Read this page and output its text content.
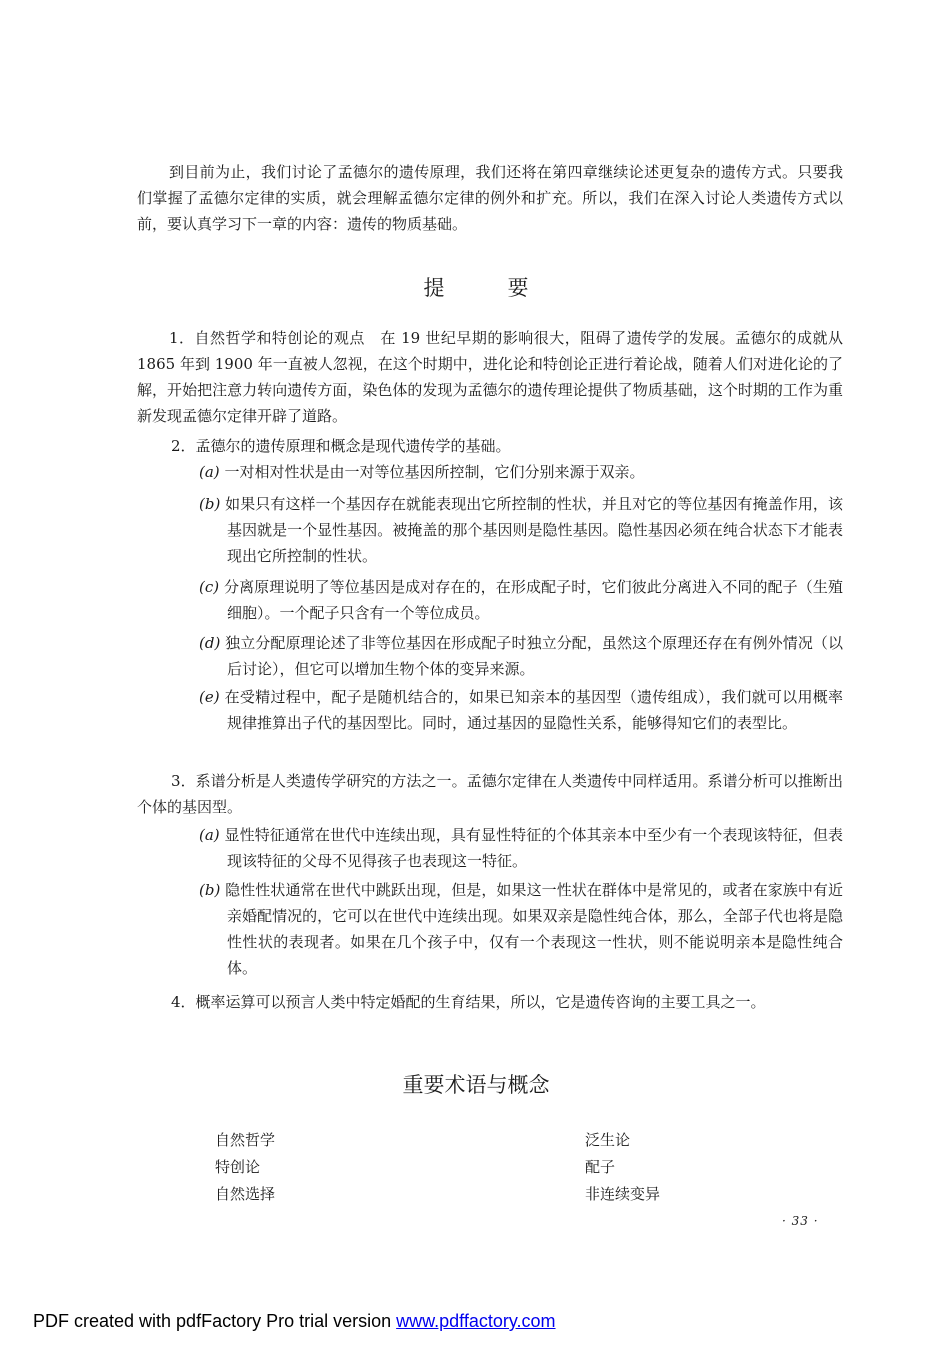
到目前为止，我们讨论了孟德尔的遗传原理，我们还将在第四章继续论述更复杂的遗传方式。只要我们掌握了孟德尔定律的实质，就会理解孟德尔定律的例外和扩充。所以，我们在深入讨论人类遗传方式以前，要认真学习下一章的内容：遗传的物质基础。

提　　　要

1．自然哲学和特创论的观点　在 19 世纪早期的影响很大，阻碍了遗传学的发展。孟德尔的成就从 1865 年到 1900 年一直被人忽视，在这个时期中，进化论和特创论正进行着论战，随着人们对进化论的了解，开始把注意力转向遗传方面，染色体的发现为孟德尔的遗传理论提供了物质基础，这个时期的工作为重新发现孟德尔定律开辟了道路。

2．孟德尔的遗传原理和概念是现代遗传学的基础。

(a) 一对相对性状是由一对等位基因所控制，它们分别来源于双亲。

(b) 如果只有这样一个基因存在就能表现出它所控制的性状，并且对它的等位基因有掩盖作用，该基因就是一个显性基因。被掩盖的那个基因则是隐性基因。隐性基因必须在纯合状态下才能表现出它所控制的性状。

(c) 分离原理说明了等位基因是成对存在的，在形成配子时，它们彼此分离进入不同的配子（生殖细胞）。一个配子只含有一个等位成员。

(d) 独立分配原理论述了非等位基因在形成配子时独立分配，虽然这个原理还存在有例外情况（以后讨论），但它可以增加生物个体的变异来源。

(e) 在受精过程中，配子是随机结合的，如果已知亲本的基因型（遗传组成），我们就可以用概率规律推算出子代的基因型比。同时，通过基因的显隐性关系，能够得知它们的表型比。

3．系谱分析是人类遗传学研究的方法之一。孟德尔定律在人类遗传中同样适用。系谱分析可以推断出个体的基因型。

(a) 显性特征通常在世代中连续出现，具有显性特征的个体其亲本中至少有一个表现该特征，但表现该特征的父母不见得孩子也表现这一特征。

(b) 隐性性状通常在世代中跳跃出现，但是，如果这一性状在群体中是常见的，或者在家族中有近亲婚配情况的，它可以在世代中连续出现。如果双亲是隐性纯合体，那么，全部子代也将是隐性性状的表现者。如果在几个孩子中，仅有一个表现这一性状，则不能说明亲本是隐性纯合体。

4．概率运算可以预言人类中特定婚配的生育结果，所以，它是遗传咨询的主要工具之一。

重要术语与概念
自然哲学
特创论
自然选择
泛生论
配子
非连续变异
· 33 ·
PDF created with pdfFactory Pro trial version www.pdffactory.com
